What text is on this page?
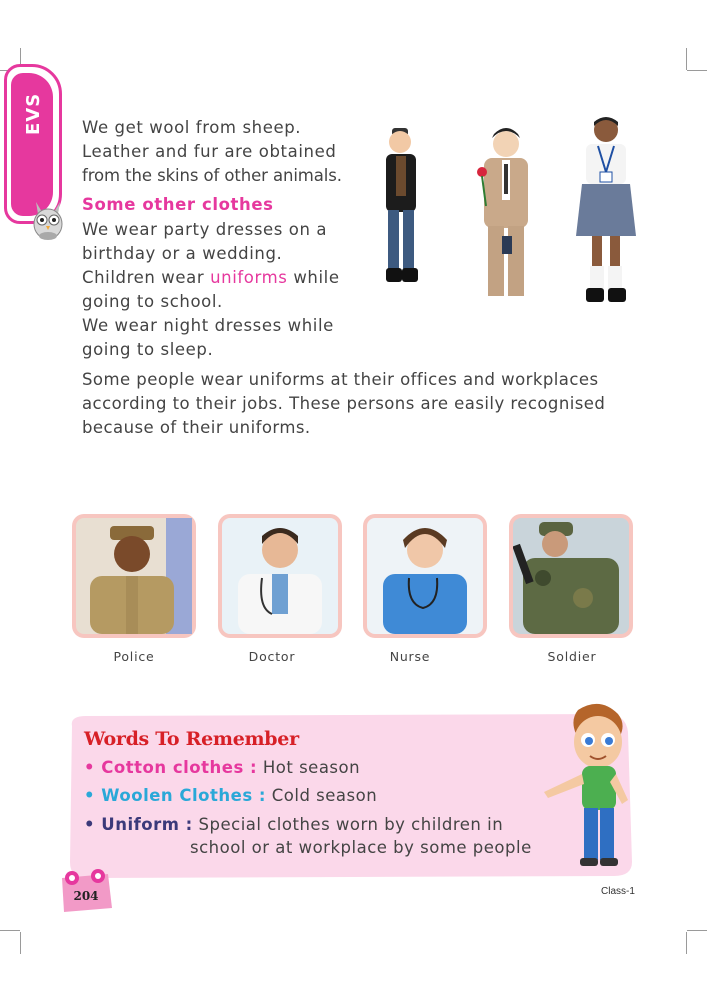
EVS We get wool from sheep.
Leather and fur are obtained
from the skins of other animals.

Some other clothes

We wear party dresses on a
birthday or a wedding.
Children wear uniforms while
going to school.
We wear night dresses while
going to sleep.

Some people wear uniforms at their offices and workplaces
according to their jobs. These persons are easily recognised
because of their uniforms.

Police	Doctor	Nurse	Soldier
Words To Remember
• Cotton clothes : Hot season
• Woolen Clothes : Cold season
• Uniform : Special clothes worn by children in
school or at workplace by some people
204	Class-1
